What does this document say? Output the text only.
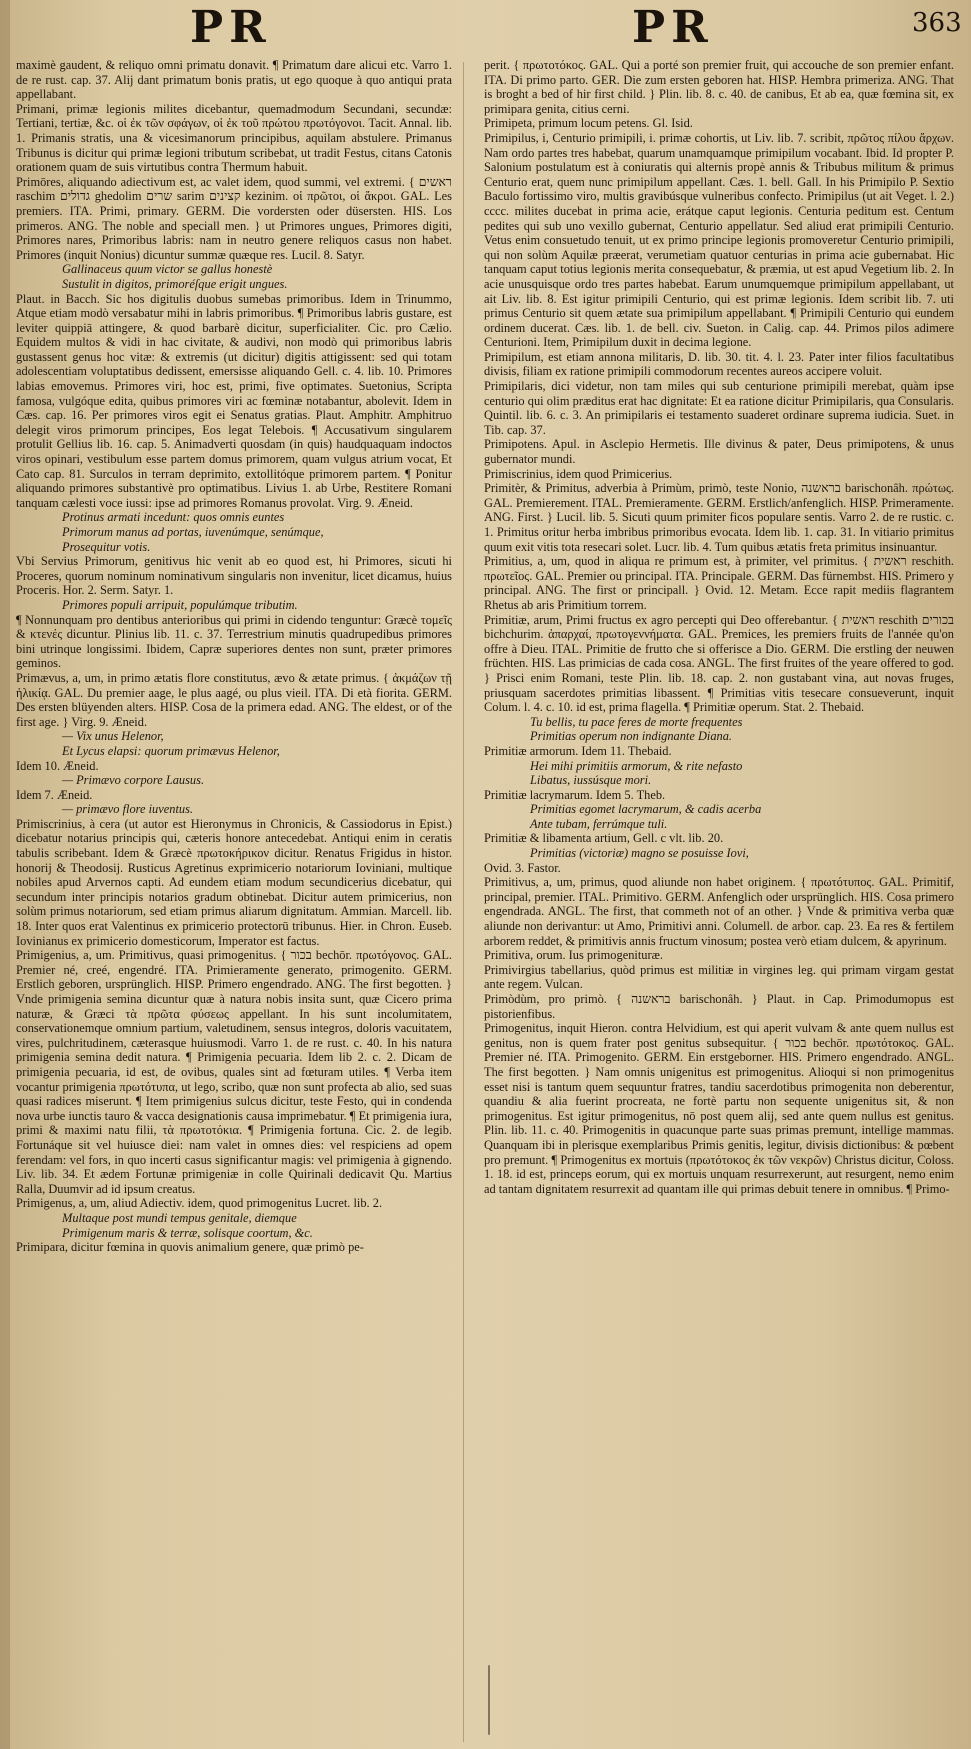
PR	PR	363

maximè gaudent, & reliquo omni primatu donavit. ¶ Primatum dare alicui etc. Varro 1. de re rust. cap. 37. Alij dant primatum bonis pratis, ut ego quoque à quo antiqui prata appellabant.

Primani, primæ legionis milites dicebantur, quemadmodum Secundani, secundæ: Tertiani, tertiæ, &c. οἱ ἐκ τῶν σφάγων, οἱ ἐκ τοῦ πρώτου πρωτόγονοι. Tacit. Annal. lib. 1. Primanis stratis, una & vicesimanorum principibus, aquilam abstulere. Primanus Tribunus is dicitur qui primæ legioni tributum scribebat, ut tradit Festus, citans Catonis orationem quam de suis virtutibus contra Thermum habuit.

Primōres, aliquando adiectivum est, ac valet idem, quod summi, vel extremi. { ראשים raschim גדולים ghedolim שרים sarim קצינים kezinim. οἱ πρῶτοι, οἱ ἄκροι. GAL. Les premiers. ITA. Primi, primary. GERM. Die vordersten oder düsersten. HIS. Los primeros. ANG. The noble and speciall men. } ut Primores ungues, Primores digiti, Primores nares, Primoribus labris: nam in neutro genere reliquos casus non habet. Primores (inquit Nonius) dicuntur summæ quæque res. Lucil. 8. Satyr.

Gallinaceus quum victor se gallus honestè

Sustulit in digitos, primoréſque erigit ungues.

Plaut. in Bacch. Sic hos digitulis duobus sumebas primoribus. Idem in Trinummo, Atque etiam modò versabatur mihi in labris primoribus. ¶ Primoribus labris gustare, est leviter quippiā attingere, & quod barbarè dicitur, superficialiter. Cic. pro Cælio. Equidem multos & vidi in hac civitate, & audivi, non modò qui primoribus labris gustassent genus hoc vitæ: & extremis (ut dicitur) digitis attigissent: sed qui totam adolescentiam voluptatibus dedissent, emersisse aliquando Gell. c. 4. lib. 10. Primores labias emovemus. Primores viri, hoc est, primi, five optimates. Suetonius, Scripta famosa, vulgóque edita, quibus primores viri ac fœminæ notabantur, abolevit. Idem in Cæs. cap. 16. Per primores viros egit ei Senatus gratias. Plaut. Amphitr. Amphitruo delegit viros primorum principes, Eos legat Telebois. ¶ Accusativum singularem protulit Gellius lib. 16. cap. 5. Animadverti quosdam (in quis) haudquaquam indoctos viros opinari, vestibulum esse partem domus primorem, quam vulgus atrium vocat, Et Cato cap. 81. Surculos in terram deprimito, extollitóque primorem partem. ¶ Ponitur aliquando primores substantivè pro optimatibus. Livius 1. ab Urbe, Restitere Romani tanquam cælesti voce iussi: ipse ad primores Romanus provolat. Virg. 9. Æneid.

Protinus armati incedunt: quos omnis euntes

Primorum manus ad portas, iuvenúmque, senúmque,

Prosequitur votis.

Vbi Servius Primorum, genitivus hic venit ab eo quod est, hi Primores, sicuti hi Proceres, quorum nominum nominativum singularis non invenitur, licet dicamus, huius Proceris. Hor. 2. Serm. Satyr. 1.

Primores populi arripuit, populúmque tributim.

¶ Nonnunquam pro dentibus anterioribus qui primi in cidendo tenguntur: Græcè τομεῖς & κτενές dicuntur. Plinius lib. 11. c. 37. Terrestrium minutis quadrupedibus primores bini utrinque longissimi. Ibidem, Capræ superiores dentes non sunt, præter primores geminos.

Primævus, a, um, in primo ætatis flore constitutus, ævo & ætate primus. { ἀκμάζων τῇ ἡλικίᾳ. GAL. Du premier aage, le plus aagé, ou plus vieil. ITA. Di età fiorita. GERM. Des ersten blüyenden alters. HISP. Cosa de la primera edad. ANG. The eldest, or of the first age. } Virg. 9. Æneid.

— Vix unus Helenor,

Et Lycus elapsi: quorum primævus Helenor,

Idem 10. Æneid.

— Primævo corpore Lausus.

Idem 7. Æneid.

— primævo flore iuventus.

Primiscrinius, à cera (ut autor est Hieronymus in Chronicis, & Cassiodorus in Epist.) dicebatur notarius principis qui, cæteris honore antecedebat. Antiqui enim in ceratis tabulis scribebant. Idem & Græcè πρωτοκήρικον dicitur. Renatus Frigidus in histor. honorij & Theodosij. Rusticus Agretinus exprimicerio notariorum Ioviniani, multique nobiles apud Arvernos capti. Ad eundem etiam modum secundicerius dicebatur, qui secundum inter principis notarios gradum obtinebat. Dicitur autem primicerius, non solùm primus notariorum, sed etiam primus aliarum dignitatum. Ammian. Marcell. lib. 18. Inter quos erat Valentinus ex primicerio protectorū tribunus. Hier. in Chron. Euseb. Iovinianus ex primicerio domesticorum, Imperator est factus.

Primigenius, a, um. Primitivus, quasi primogenitus. { בכור bechōr. πρωτόγονος. GAL. Premier né, creé, engendré. ITA. Primieramente generato, primogenito. GERM. Erstlich geboren, ursprünglich. HISP. Primero engendrado. ANG. The first begotten. } Vnde primigenia semina dicuntur quæ à natura nobis insita sunt, quæ Cicero prima naturæ, & Græci τὰ πρῶτα φύσεως appellant. In his sunt incolumitatem, conservationemque omnium partium, valetudinem, sensus integros, doloris vacuitatem, vires, pulchritudinem, cæterasque huiusmodi. Varro 1. de re rust. c. 40. In his natura primigenia semina dedit natura. ¶ Primigenia pecuaria. Idem lib 2. c. 2. Dicam de primigenia pecuaria, id est, de ovibus, quales sint ad fœturam utiles. ¶ Verba item vocantur primigenia πρωτότυπα, ut lego, scribo, quæ non sunt profecta ab alio, sed suas quasi radices miserunt. ¶ Item primigenius sulcus dicitur, teste Festo, qui in condenda nova urbe iunctis tauro & vacca designationis causa imprimebatur. ¶ Et primigenia iura, primi & maximi natu filii, τὰ πρωτοτόκια. ¶ Primigenia fortuna. Cic. 2. de legib. Fortunáque sit vel huiusce diei: nam valet in omnes dies: vel respiciens ad opem ferendam: vel fors, in quo incerti casus significantur magis: vel primigenia à gignendo. Liv. lib. 34. Et ædem Fortunæ primigeniæ in colle Quirinali dedicavit Qu. Martius Ralla, Duumvir ad id ipsum creatus.

Primigenus, a, um, aliud Adiectiv. idem, quod primogenitus Lucret. lib. 2.

Multaque post mundi tempus genitale, diemque

Primigenum maris & terræ, solisque coortum, &c.

Primipara, dicitur fœmina in quovis animalium genere, quæ primò pe-

perit. { πρωτοτόκος. GAL. Qui a porté son premier fruit, qui accouche de son premier enfant. ITA. Di primo parto. GER. Die zum ersten geboren hat. HISP. Hembra primeriza. ANG. That is broght a bed of hir first child. } Plin. lib. 8. c. 40. de canibus, Et ab ea, quæ fœmina sit, ex primipara genita, citius cerni.

Primipeta, primum locum petens. Gl. Isid.

Primipilus, i, Centurio primipili, i. primæ cohortis, ut Liv. lib. 7. scribit, πρῶτος πίλου ἄρχων. Nam ordo partes tres habebat, quarum unamquamque primipilum vocabant. Ibid. Id propter P. Salonium postulatum est à coniuratis qui alternis propè annis & Tribubus militum & primus Centurio erat, quem nunc primipilum appellant. Cæs. 1. bell. Gall. In his Primipilo P. Sextio Baculo fortissimo viro, multis gravibúsque vulneribus confecto. Primipilus (ut ait Veget. l. 2.) cccc. milites ducebat in prima acie, erátque caput legionis. Centuria peditum est. Centum pedites qui sub uno vexillo gubernat, Centurio appellatur. Sed aliud erat primipili Centurio. Vetus enim consuetudo tenuit, ut ex primo principe legionis promoveretur Centurio primipili, qui non solùm Aquilæ præerat, verumetiam quatuor centurias in prima acie gubernabat. Hic tanquam caput totius legionis merita consequebatur, & præmia, ut est apud Vegetium lib. 2. In acie unusquisque ordo tres partes habebat. Earum unumquemque primipilum appellabant, ut ait Liv. lib. 8. Est igitur primipili Centurio, qui est primæ legionis. Idem scribit lib. 7. uti primus Centurio sit quem ætate sua primipilum appellabant. ¶ Primipili Centurio qui eundem ordinem ducerat. Cæs. lib. 1. de bell. civ. Sueton. in Calig. cap. 44. Primos pilos adimere Centurioni. Item, Primipilum duxit in decima legione.

Primipilum, est etiam annona militaris, D. lib. 30. tit. 4. l. 23. Pater inter filios facultatibus divisis, filiam ex ratione primipili commodorum recentes aureos accipere voluit.

Primipilaris, dici videtur, non tam miles qui sub centurione primipili merebat, quàm ipse centurio qui olim præditus erat hac dignitate: Et ea ratione dicitur Primipilaris, qua Consularis. Quintil. lib. 6. c. 3. An primipilaris ei testamento suaderet ordinare suprema iudicia. Suet. in Tib. cap. 37.

Primipotens. Apul. in Asclepio Hermetis. Ille divinus & pater, Deus primipotens, & unus gubernator mundi.

Primiscrinius, idem quod Primicerius.

Primitèr, & Primitus, adverbia à Primùm, primò, teste Nonio, בראשנה barischonâh. πρώτως. GAL. Premierement. ITAL. Premieramente. GERM. Erstlich/anfenglich. HISP. Primeramente. ANG. First. } Lucil. lib. 5. Sicuti quum primiter ficos populare sentis. Varro 2. de re rustic. c. 1. Primitus oritur herba imbribus primoribus evocata. Idem lib. 1. cap. 31. In vitiario primitus quum exit vitis tota resecari solet. Lucr. lib. 4. Tum quibus ætatis freta primitus insinuantur.

Primitius, a, um, quod in aliqua re primum est, à primiter, vel primitus. { ראשית reschith. πρωτεῖος. GAL. Premier ou principal. ITA. Principale. GERM. Das fürnembst. HIS. Primero y principal. ANG. The first or principall. } Ovid. 12. Metam. Ecce rapit mediis flagrantem Rhetus ab aris Primitium torrem.

Primitiæ, arum, Primi fructus ex agro percepti qui Deo offerebantur. { ראשית reschith בכורים bichchurim. ἀπαρχαί, πρωτογεννήματα. GAL. Premices, les premiers fruits de l'année qu'on offre à Dieu. ITAL. Primitie de frutto che si offerisce a Dio. GERM. Die erstling der neuwen früchten. HIS. Las primicias de cada cosa. ANGL. The first fruites of the yeare offered to god. } Prisci enim Romani, teste Plin. lib. 18. cap. 2. non gustabant vina, aut novas fruges, priusquam sacerdotes primitias libassent. ¶ Primitias vitis tesecare consueverunt, inquit Colum. l. 4. c. 10. id est, prima flagella. ¶ Primitiæ operum. Stat. 2. Thebaid.

Tu bellis, tu pace feres de morte frequentes

Primitias operum non indignante Diana.

Primitiæ armorum. Idem 11. Thebaid.

Hei mihi primitiis armorum, & rite nefasto

Libatus, iussúsque mori.

Primitiæ lacrymarum. Idem 5. Theb.

Primitias egomet lacrymarum, & cadis acerba

Ante tubam, ferrúmque tuli.

Primitiæ & libamenta artium, Gell. c vlt. lib. 20.

Primitias (victoriæ) magno se posuisse Iovi,

Ovid. 3. Fastor.

Primitivus, a, um, primus, quod aliunde non habet originem. { πρωτότυπος. GAL. Primitif, principal, premier. ITAL. Primitivo. GERM. Anfenglich oder ursprünglich. HIS. Cosa primero engendrada. ANGL. The first, that commeth not of an other. } Vnde & primitiva verba quæ aliunde non derivantur: ut Amo, Primitivi anni. Columell. de arbor. cap. 23. Ea res & fertilem arborem reddet, & primitivis annis fructum vinosum; postea verò etiam dulcem, & apyrinum.

Primitiva, orum. Ius primogenituræ.

Primivirgius tabellarius, quòd primus est militiæ in virgines leg. qui primam virgam gestat ante regem. Vulcan.

Primòdùm, pro primò. { בראשנה barischonâh. } Plaut. in Cap. Primodumopus est pistorienfibus.

Primogenitus, inquit Hieron. contra Helvidium, est qui aperit vulvam & ante quem nullus est genitus, non is quem frater post genitus subsequitur. { בכור bechōr. πρωτότοκος. GAL. Premier né. ITA. Primogenito. GERM. Ein erstgeborner. HIS. Primero engendrado. ANGL. The first begotten. } Nam omnis unigenitus est primogenitus. Alioqui si non primogenitus esset nisi is tantum quem sequuntur fratres, tandiu sacerdotibus primogenita non deberentur, quandiu & alia fuerint procreata, ne fortè partu non sequente unigenitus sit, & non primogenitus. Est igitur primogenitus, nō post quem alij, sed ante quem nullus est genitus. Plin. lib. 11. c. 40. Primogenitis in quacunque parte suas primas premunt, intellige mammas. Quanquam ibi in plerisque exemplaribus Primis genitis, legitur, divisis dictionibus: & pœbent pro premunt. ¶ Primogenitus ex mortuis (πρωτότοκος ἐκ τῶν νεκρῶν) Christus dicitur, Coloss. 1. 18. id est, princeps eorum, qui ex mortuis unquam resurrexerunt, aut resurgent, nemo enim ad tantam dignitatem resurrexit ad quantam ille qui primas debuit tenere in omnibus. ¶ Primo-
